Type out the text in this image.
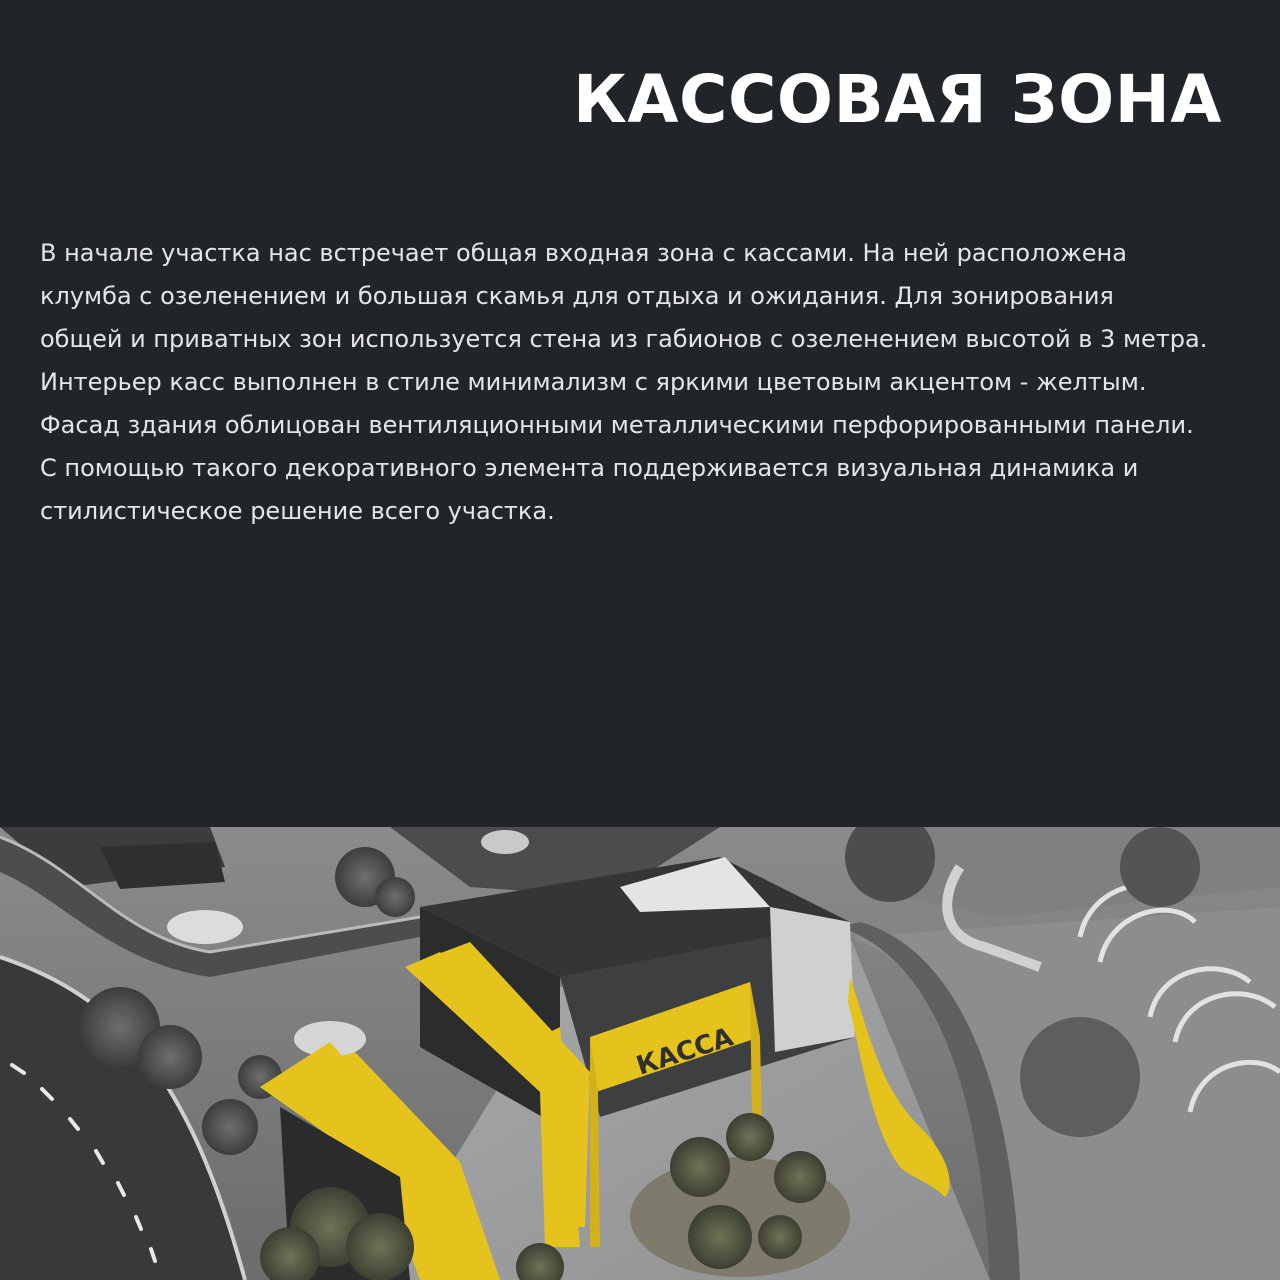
КАССОВАЯ ЗОНА
В начале участка нас встречает общая входная зона с кассами. На ней расположена
клумба с озеленением и большая скамья для отдыха и ожидания. Для зонирования
общей и приватных зон используется стена из габионов с озеленением высотой в 3 метра.
Интерьер касс выполнен в стиле минимализм с яркими цветовым акцентом - желтым.
Фасад здания облицован вентиляционными металлическими перфорированными панели.
С помощью такого декоративного элемента поддерживается визуальная динамика и
стилистическое решение всего участка.
КАССА
